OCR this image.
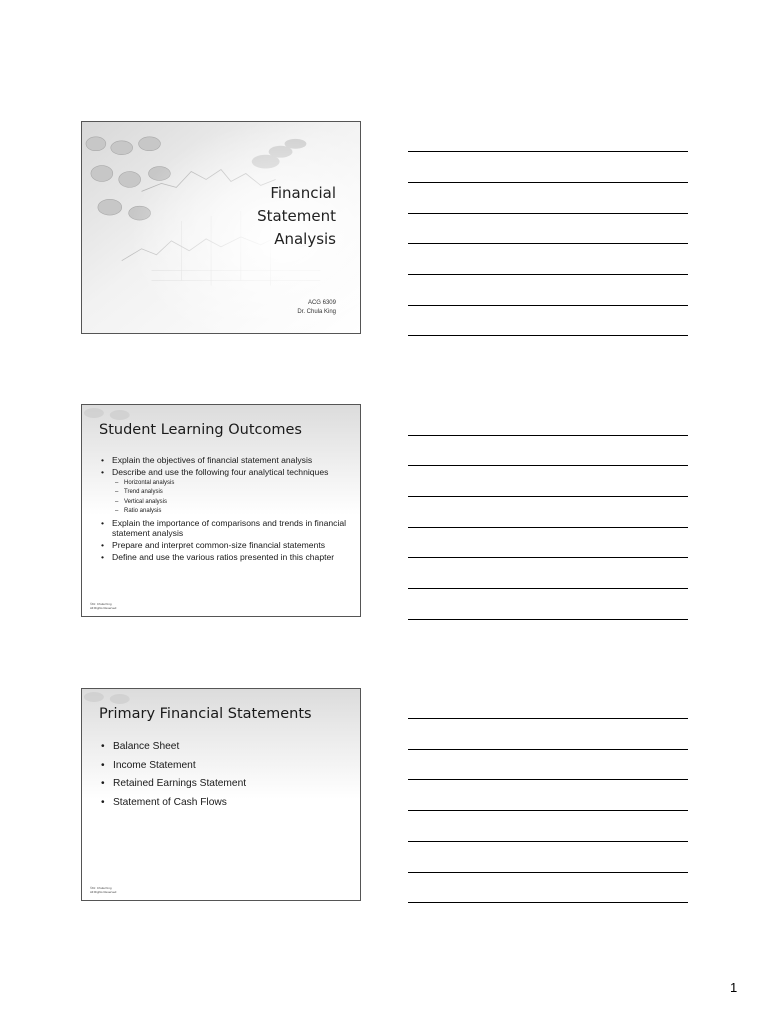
Financial
Statement
Analysis
ACG 6309
Dr. Chula King
Student Learning Outcomes
• Explain the objectives of financial statement analysis
• Describe and use the following four analytical techniques
– Horizontal analysis
– Trend analysis
– Vertical analysis
– Ratio analysis
• Explain the importance of comparisons and trends in financial statement analysis
• Prepare and interpret common-size financial statements
• Define and use the various ratios presented in this chapter
©Dr. Chula King
All Rights Reserved
Primary Financial Statements
• Balance Sheet
• Income Statement
• Retained Earnings Statement
• Statement of Cash Flows
©Dr. Chula King
All Rights Reserved
1
